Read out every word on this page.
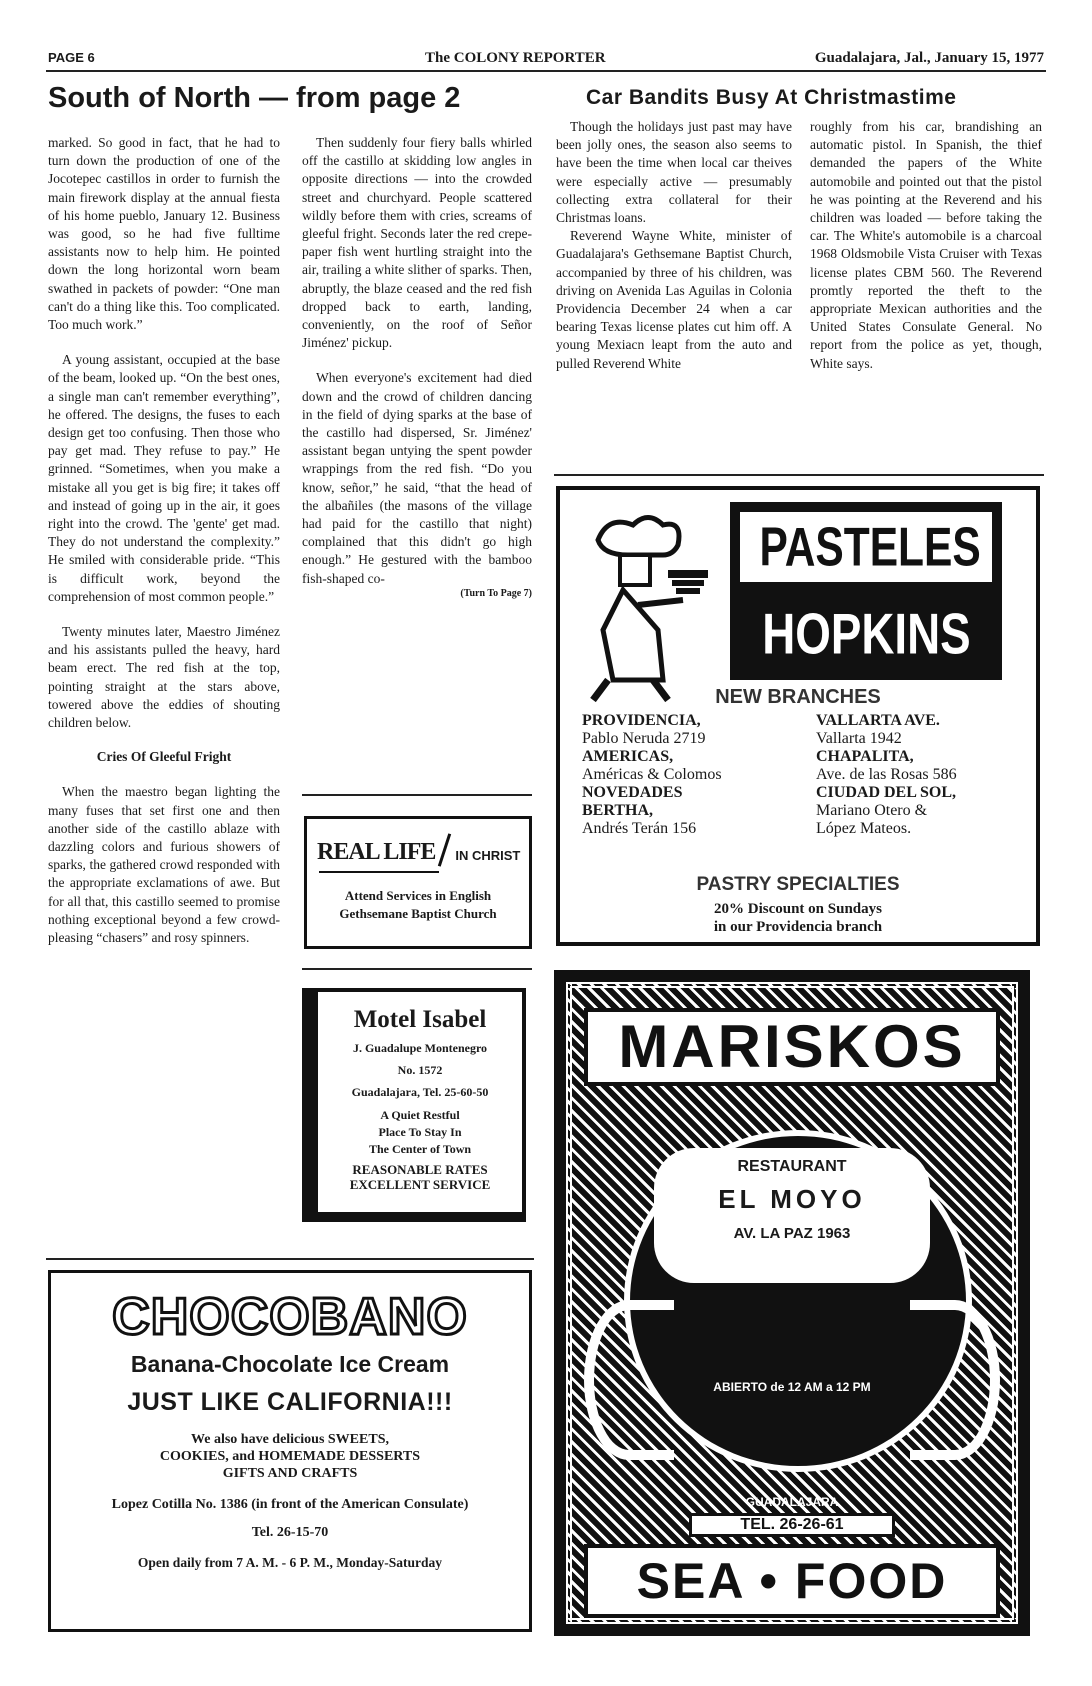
PAGE 6	The COLONY REPORTER	Guadalajara, Jal., January 15, 1977
South of North — from page 2

marked. So good in fact, that he had to turn down the production of one of the Jocotepec castillos in order to furnish the main firework display at the annual fiesta of his home pueblo, January 12. Business was good, so he had five fulltime assistants now to help him. He pointed down the long horizontal worn beam swathed in packets of powder: “One man can't do a thing like this. Too complicated. Too much work.”

A young assistant, occupied at the base of the beam, looked up. “On the best ones, a single man can't remember everything”, he offered. The designs, the fuses to each design get too confusing. Then those who pay get mad. They refuse to pay.” He grinned. “Sometimes, when you make a mistake all you get is big fire; it takes off and instead of going up in the air, it goes right into the crowd. The 'gente' get mad. They do not understand the complexity.” He smiled with considerable pride. “This is difficult work, beyond the comprehension of most common people.”

Twenty minutes later, Maestro Jiménez and his assistants pulled the heavy, hard beam erect. The red fish at the top, pointing straight at the stars above, towered above the eddies of shouting children below.

Cries Of Gleeful Fright

When the maestro began lighting the many fuses that set first one and then another side of the castillo ablaze with dazzling colors and furious showers of sparks, the gathered crowd responded with the appropriate exclamations of awe. But for all that, this castillo seemed to promise nothing exceptional beyond a few crowd-pleasing “chasers” and rosy spinners.

Then suddenly four fiery balls whirled off the castillo at skidding low angles in opposite directions — into the crowded street and churchyard. People scattered wildly before them with cries, screams of gleeful fright. Seconds later the red crepe-paper fish went hurtling straight into the air, trailing a white slither of sparks. Then, abruptly, the blaze ceased and the red fish dropped back to earth, landing, conveniently, on the roof of Señor Jiménez' pickup.

When everyone's excitement had died down and the crowd of children dancing in the field of dying sparks at the base of the castillo had dispersed, Sr. Jiménez' assistant began untying the spent powder wrappings from the red fish. “Do you know, señor,” he said, “that the head of the albañiles (the masons of the village had paid for the castillo that night) complained that this didn't go high enough.” He gestured with the bamboo fish-shaped co-

(Turn To Page 7)
REAL LIFE IN CHRIST
Attend Services in English
Gethsemane Baptist Church
Motel Isabel
J. Guadalupe Montenegro
No. 1572
Guadalajara, Tel. 25-60-50
A Quiet Restful
Place To Stay In
The Center of Town
REASONABLE RATES
EXCELLENT SERVICE
Car Bandits Busy At Christmastime

Though the holidays just past may have been jolly ones, the season also seems to have been the time when local car theives were especially active — presumably collecting extra collateral for their Christmas loans.

Reverend Wayne White, minister of Guadalajara's Gethsemane Baptist Church, accompanied by three of his children, was driving on Avenida Las Aguilas in Colonia Providencia December 24 when a car bearing Texas license plates cut him off. A young Mexiacn leapt from the auto and pulled Reverend White

roughly from his car, brandishing an automatic pistol. In Spanish, the thief demanded the papers of the White automobile and pointed out that the pistol he was pointing at the Reverend and his children was loaded — before taking the car. The White's automobile is a charcoal 1968 Oldsmobile Vista Cruiser with Texas license plates CBM 560. The Reverend promtly reported the theft to the appropriate Mexican authorities and the United States Consulate General. No report from the police as yet, though, White says.

PASTELES
HOPKINS
NEW BRANCHES
PROVIDENCIA,
Pablo Neruda 2719
AMERICAS,
Américas & Colomos
NOVEDADES
BERTHA,
Andrés Terán 156
VALLARTA AVE.
Vallarta 1942
CHAPALITA,
Ave. de las Rosas 586
CIUDAD DEL SOL,
Mariano Otero &
López Mateos.
PASTRY SPECIALTIES
20% Discount on Sundays
in our Providencia branch
MARISKOS
RESTAURANT
EL MOYO
AV. LA PAZ 1963
ABIERTO de 12 AM a 12 PM
GUADALAJARA
TEL. 26-26-61
SEA • FOOD
CHOCOBANO
Banana-Chocolate Ice Cream
JUST LIKE CALIFORNIA!!!
We also have delicious SWEETS,
COOKIES, and HOMEMADE DESSERTS
GIFTS AND CRAFTS
Lopez Cotilla No. 1386 (in front of the American Consulate)
Tel. 26-15-70
Open daily from 7 A. M. - 6 P. M., Monday-Saturday
